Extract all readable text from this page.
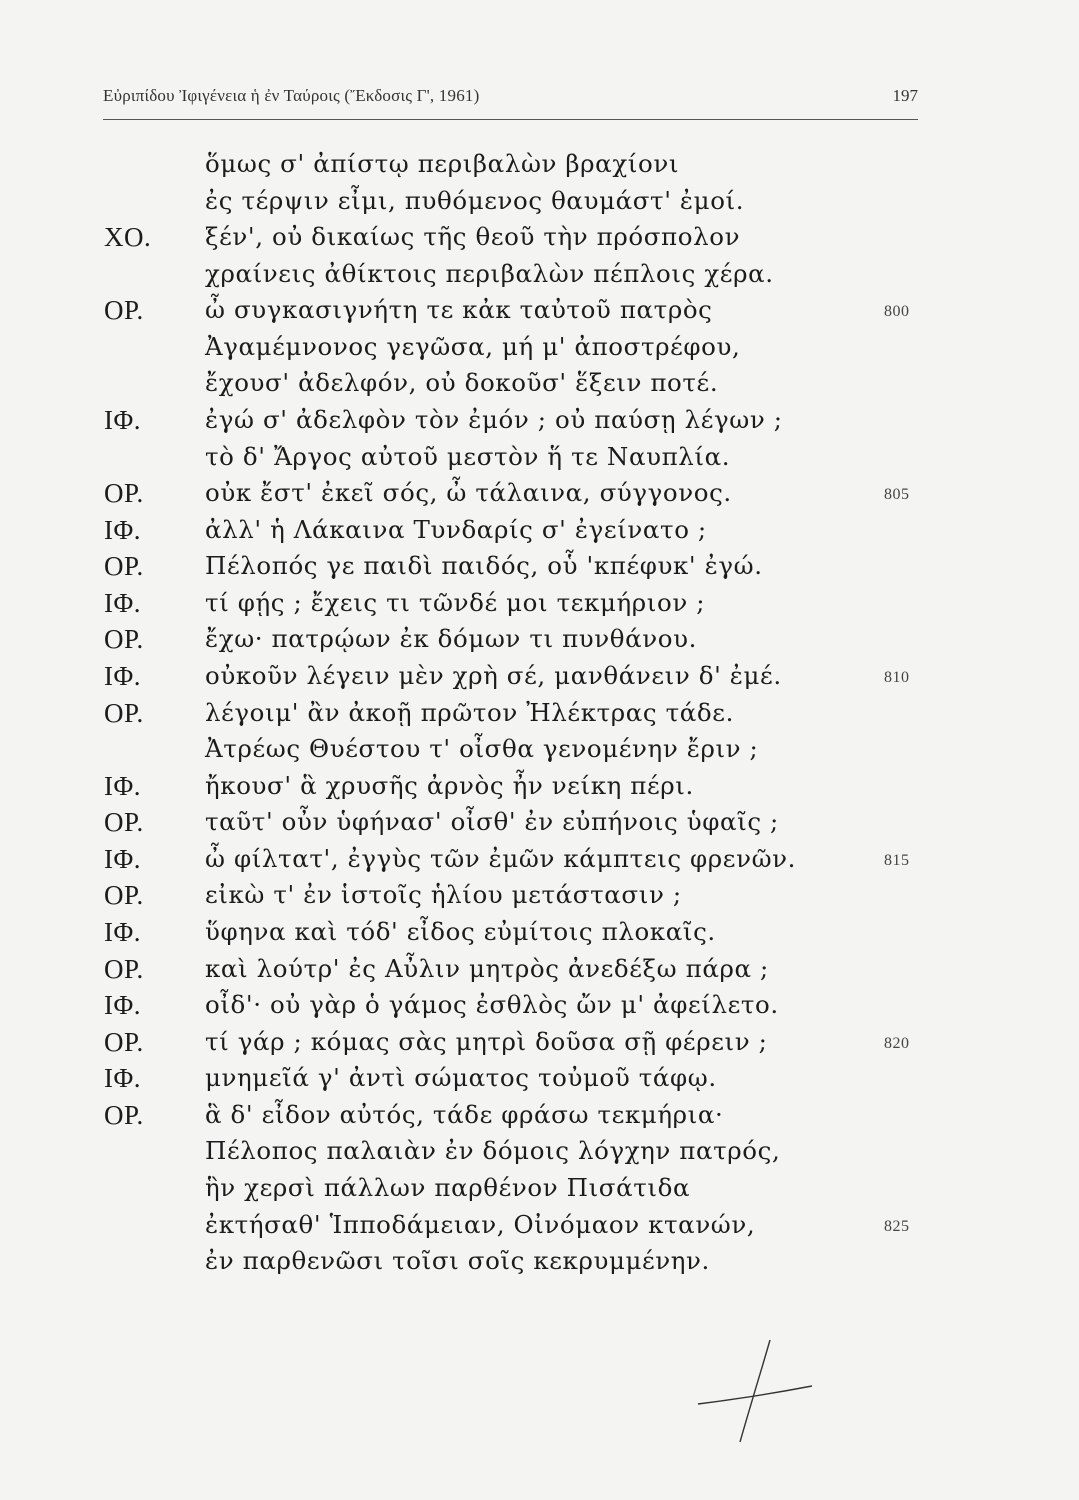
Εὐριπίδου Ἰφιγένεια ἡ ἐν Ταύροις (Ἔκδοσις Γ', 1961)	197
ὅμως σ' ἀπίστῳ περιβαλὼν βραχίονι
ἐς τέρψιν εἶμι, πυθόμενος θαυμάστ' ἐμοί.
ΧΟ. ξέν', οὐ δικαίως τῆς θεοῦ τὴν πρόσπολον
χραίνεις ἀθίκτοις περιβαλὼν πέπλοις χέρα.
ΟΡ. ὦ συγκασιγνήτη τε κἀκ ταὐτοῦ πατρὸς	800
Ἀγαμέμνονος γεγῶσα, μή μ' ἀποστρέφου,
ἔχουσ' ἀδελφόν, οὐ δοκοῦσ' ἕξειν ποτέ.
ΙΦ.	ἐγώ σ' ἀδελφὸν τὸν ἐμόν ; οὐ παύσῃ λέγων ;
τὸ δ' Ἄργος αὐτοῦ μεστὸν ἥ τε Ναυπλία.
ΟΡ. οὐκ ἔστ' ἐκεῖ σός, ὦ τάλαινα, σύγγονος.	805
ΙΦ.	ἀλλ' ἡ Λάκαινα Τυνδαρίς σ' ἐγείνατο ;
ΟΡ. Πέλοπός γε παιδὶ παιδός, οὗ 'κπέφυκ' ἐγώ.
ΙΦ.	τί φῄς ; ἔχεις τι τῶνδέ μοι τεκμήριον ;
ΟΡ. ἔχω· πατρῴων ἐκ δόμων τι πυνθάνου.
ΙΦ.	οὐκοῦν λέγειν μὲν χρὴ σέ, μανθάνειν δ' ἐμέ.	810
ΟΡ. λέγοιμ' ἂν ἀκοῇ πρῶτον Ἠλέκτρας τάδε.
Ἀτρέως Θυέστου τ' οἶσθα γενομένην ἔριν ;
ΙΦ.	ἤκουσ' ἃ χρυσῆς ἀρνὸς ἦν νείκη πέρι.
ΟΡ. ταῦτ' οὖν ὑφήνασ' οἶσθ' ἐν εὐπήνοις ὑφαῖς ;
ΙΦ.	ὦ φίλτατ', ἐγγὺς τῶν ἐμῶν κάμπτεις φρενῶν.	815
ΟΡ. εἰκὼ τ' ἐν ἱστοῖς ἡλίου μετάστασιν ;
ΙΦ.	ὕφηνα καὶ τόδ' εἶδος εὐμίτοις πλοκαῖς.
ΟΡ. καὶ λούτρ' ἐς Αὖλιν μητρὸς ἀνεδέξω πάρα ;
ΙΦ.	οἶδ'· οὐ γὰρ ὁ γάμος ἐσθλὸς ὤν μ' ἀφείλετο.
ΟΡ. τί γάρ ; κόμας σὰς μητρὶ δοῦσα σῇ φέρειν ;	820
ΙΦ.	μνημεῖά γ' ἀντὶ σώματος τοὐμοῦ τάφῳ.
ΟΡ. ἃ δ' εἶδον αὐτός, τάδε φράσω τεκμήρια·
Πέλοπος παλαιὰν ἐν δόμοις λόγχην πατρός,
ἣν χερσὶ πάλλων παρθένον Πισάτιδα
ἐκτήσαθ' Ἱπποδάμειαν, Οἰνόμαον κτανών,	825
ἐν παρθενῶσι τοῖσι σοῖς κεκρυμμένην.
